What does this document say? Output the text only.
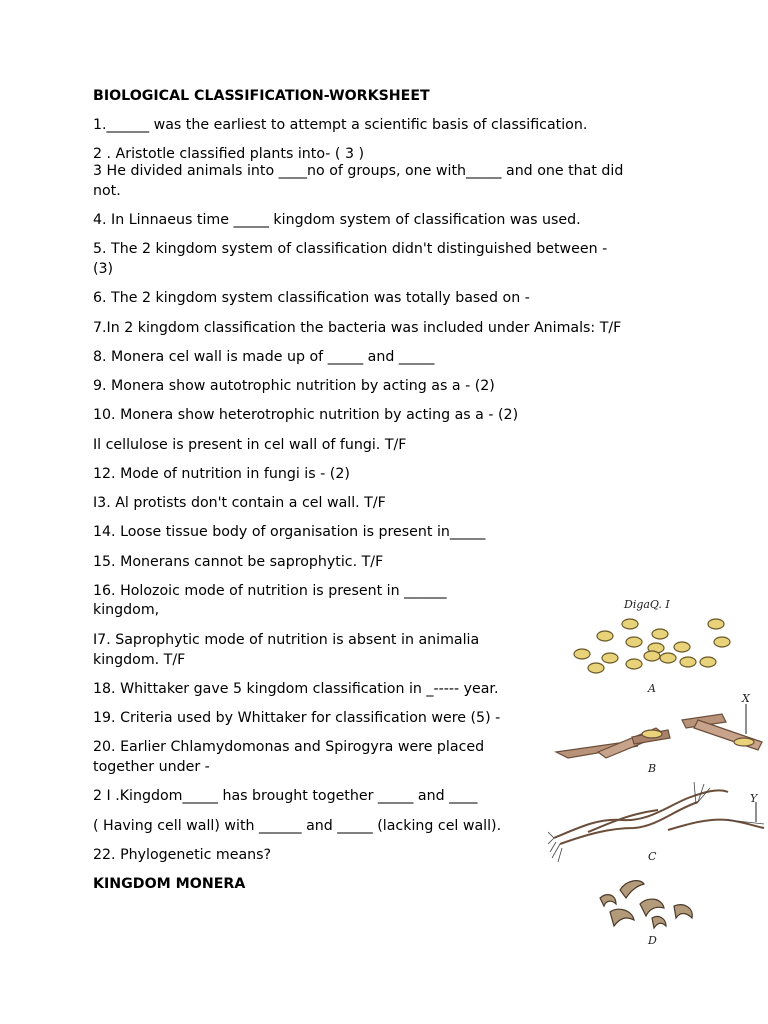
BIOLOGICAL CLASSIFICATION-WORKSHEET
1.______ was the earliest to attempt a scientific basis of classification.
2 . Aristotle classified plants into- ( 3 )
3 He divided animals into ____no of groups, one with_____ and one that did
not.
4. In Linnaeus time _____ kingdom system of classification was used.
5. The 2 kingdom system of classification didn't distinguished between -
(3)
6. The 2 kingdom system classification was totally based on -
7.In 2 kingdom classification the bacteria was included under Animals: T/F
8. Monera cel wall is made up of _____ and _____
9. Monera show autotrophic nutrition by acting as a - (2)
10. Monera show heterotrophic nutrition by acting as a - (2)
Il cellulose is present in cel wall of fungi. T/F
12. Mode of nutrition in fungi is - (2)
I3. Al protists don't contain a cel wall. T/F
14. Loose tissue body of organisation is present in_____
15. Monerans cannot be saprophytic. T/F
16. Holozoic mode of nutrition is present in ______
kingdom,
I7. Saprophytic mode of nutrition is absent in animalia
kingdom. T/F
18. Whittaker gave 5 kingdom classification in _----- year.
19. Criteria used by Whittaker for classification were (5) -
20. Earlier Chlamydomonas and Spirogyra were placed
together under -
2 I .Kingdom_____ has brought together _____ and ____
( Having cell wall) with ______ and _____ (lacking cel wall).
22. Phylogenetic means?
KINGDOM MONERA
DigaQ. I
A
X
B
Y
C
D
